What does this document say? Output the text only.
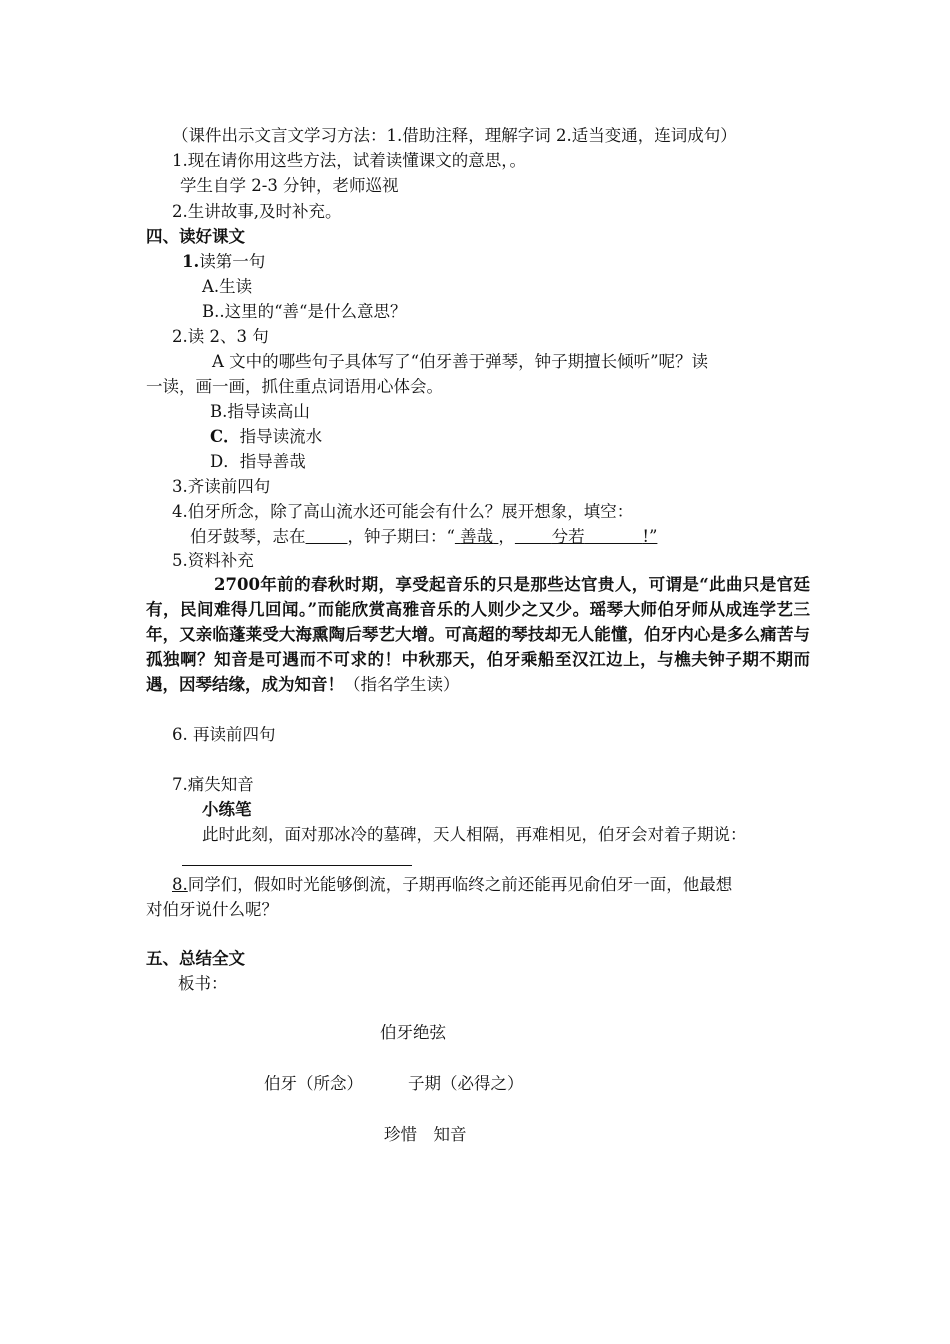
（课件出示文言文学习方法：1.借助注释，理解字词 2.适当变通，连词成句）
1.现在请你用这些方法，试着读懂课文的意思，。
学生自学 2-3 分钟，老师巡视
2.生讲故事,及时补充。
四、读好课文
1.读第一句
A.生读
B..这里的“善“是什么意思？
2.读 2、3 句
A 文中的哪些句子具体写了“伯牙善于弹琴，钟子期擅长倾听”呢？读
一读，画一画，抓住重点词语用心体会。
B.指导读高山
C．指导读流水
D．指导善哉
3.齐读前四句
4.伯牙所念，除了高山流水还可能会有什么？展开想象，填空：
伯牙鼓琴，志在	，钟子期曰：“ 善哉 ， 兮若	!”
5.资料补充
2700年前的春秋时期，享受起音乐的只是那些达官贵人，可谓是“此曲只是官廷有，民间难得几回闻。”而能欣赏高雅音乐的人则少之又少。瑶琴大师伯牙师从成连学艺三年，又亲临蓬莱受大海熏陶后琴艺大增。可高超的琴技却无人能懂，伯牙内心是多么痛苦与孤独啊？知音是可遇而不可求的！中秋那天，伯牙乘船至汉江边上，与樵夫钟子期不期而遇，因琴结缘，成为知音！（指名学生读）
6. 再读前四句
7.痛失知音
小练笔
此时此刻，面对那冰冷的墓碑，天人相隔，再难相见，伯牙会对着子期说：
8.同学们，假如时光能够倒流，子期再临终之前还能再见俞伯牙一面，他最想
对伯牙说什么呢？
五、总结全文
板书：
伯牙绝弦
伯牙（所念）	子期（必得之）
珍惜　知音
